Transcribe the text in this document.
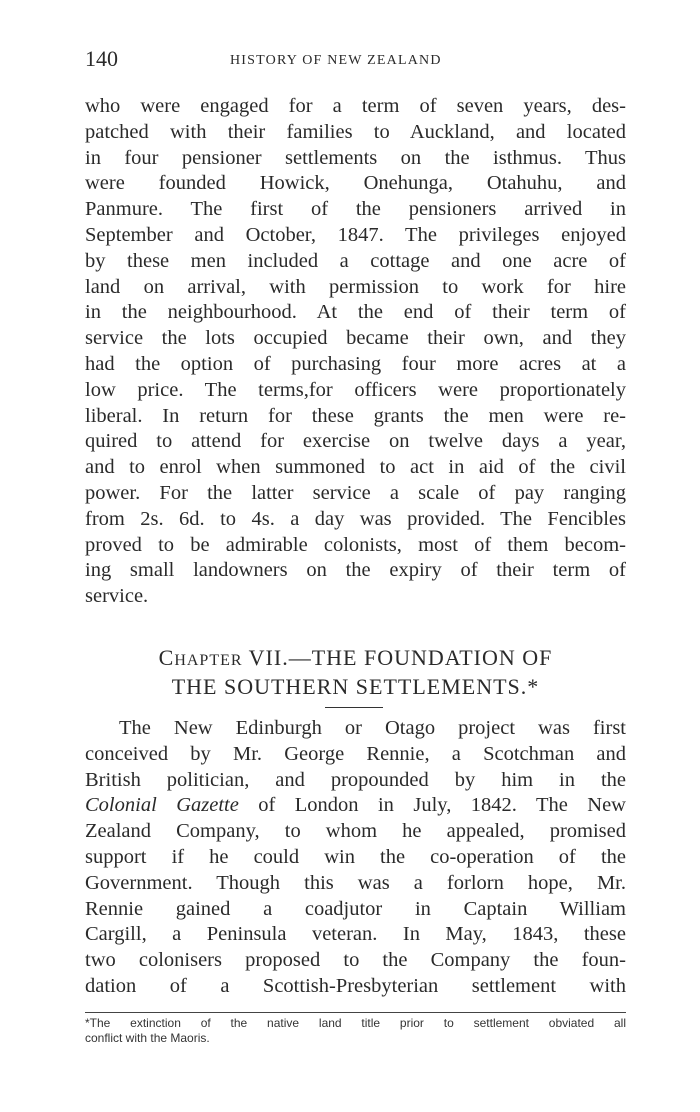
140	HISTORY OF NEW ZEALAND
who were engaged for a term of seven years, des-
patched with their families to Auckland, and located
in four pensioner settlements on the isthmus. Thus
were founded Howick, Onehunga, Otahuhu, and
Panmure. The first of the pensioners arrived in
September and October, 1847. The privileges enjoyed
by these men included a cottage and one acre of
land on arrival, with permission to work for hire
in the neighbourhood. At the end of their term of
service the lots occupied became their own, and they
had the option of purchasing four more acres at a
low price. The terms,for officers were proportionately
liberal. In return for these grants the men were re-
quired to attend for exercise on twelve days a year,
and to enrol when summoned to act in aid of the civil
power. For the latter service a scale of pay ranging
from 2s. 6d. to 4s. a day was provided. The Fencibles
proved to be admirable colonists, most of them becom-
ing small landowners on the expiry of their term of
service.
CHAPTER VII.—THE FOUNDATION OF
THE SOUTHERN SETTLEMENTS.*
The New Edinburgh or Otago project was first
conceived by Mr. George Rennie, a Scotchman and
British politician, and propounded by him in the
Colonial Gazette of London in July, 1842. The New
Zealand Company, to whom he appealed, promised
support if he could win the co-operation of the
Government. Though this was a forlorn hope, Mr.
Rennie gained a coadjutor in Captain William
Cargill, a Peninsula veteran. In May, 1843, these
two colonisers proposed to the Company the foun-
dation of a Scottish-Presbyterian settlement with
*The extinction of the native land title prior to settlement obviated all
conflict with the Maoris.
